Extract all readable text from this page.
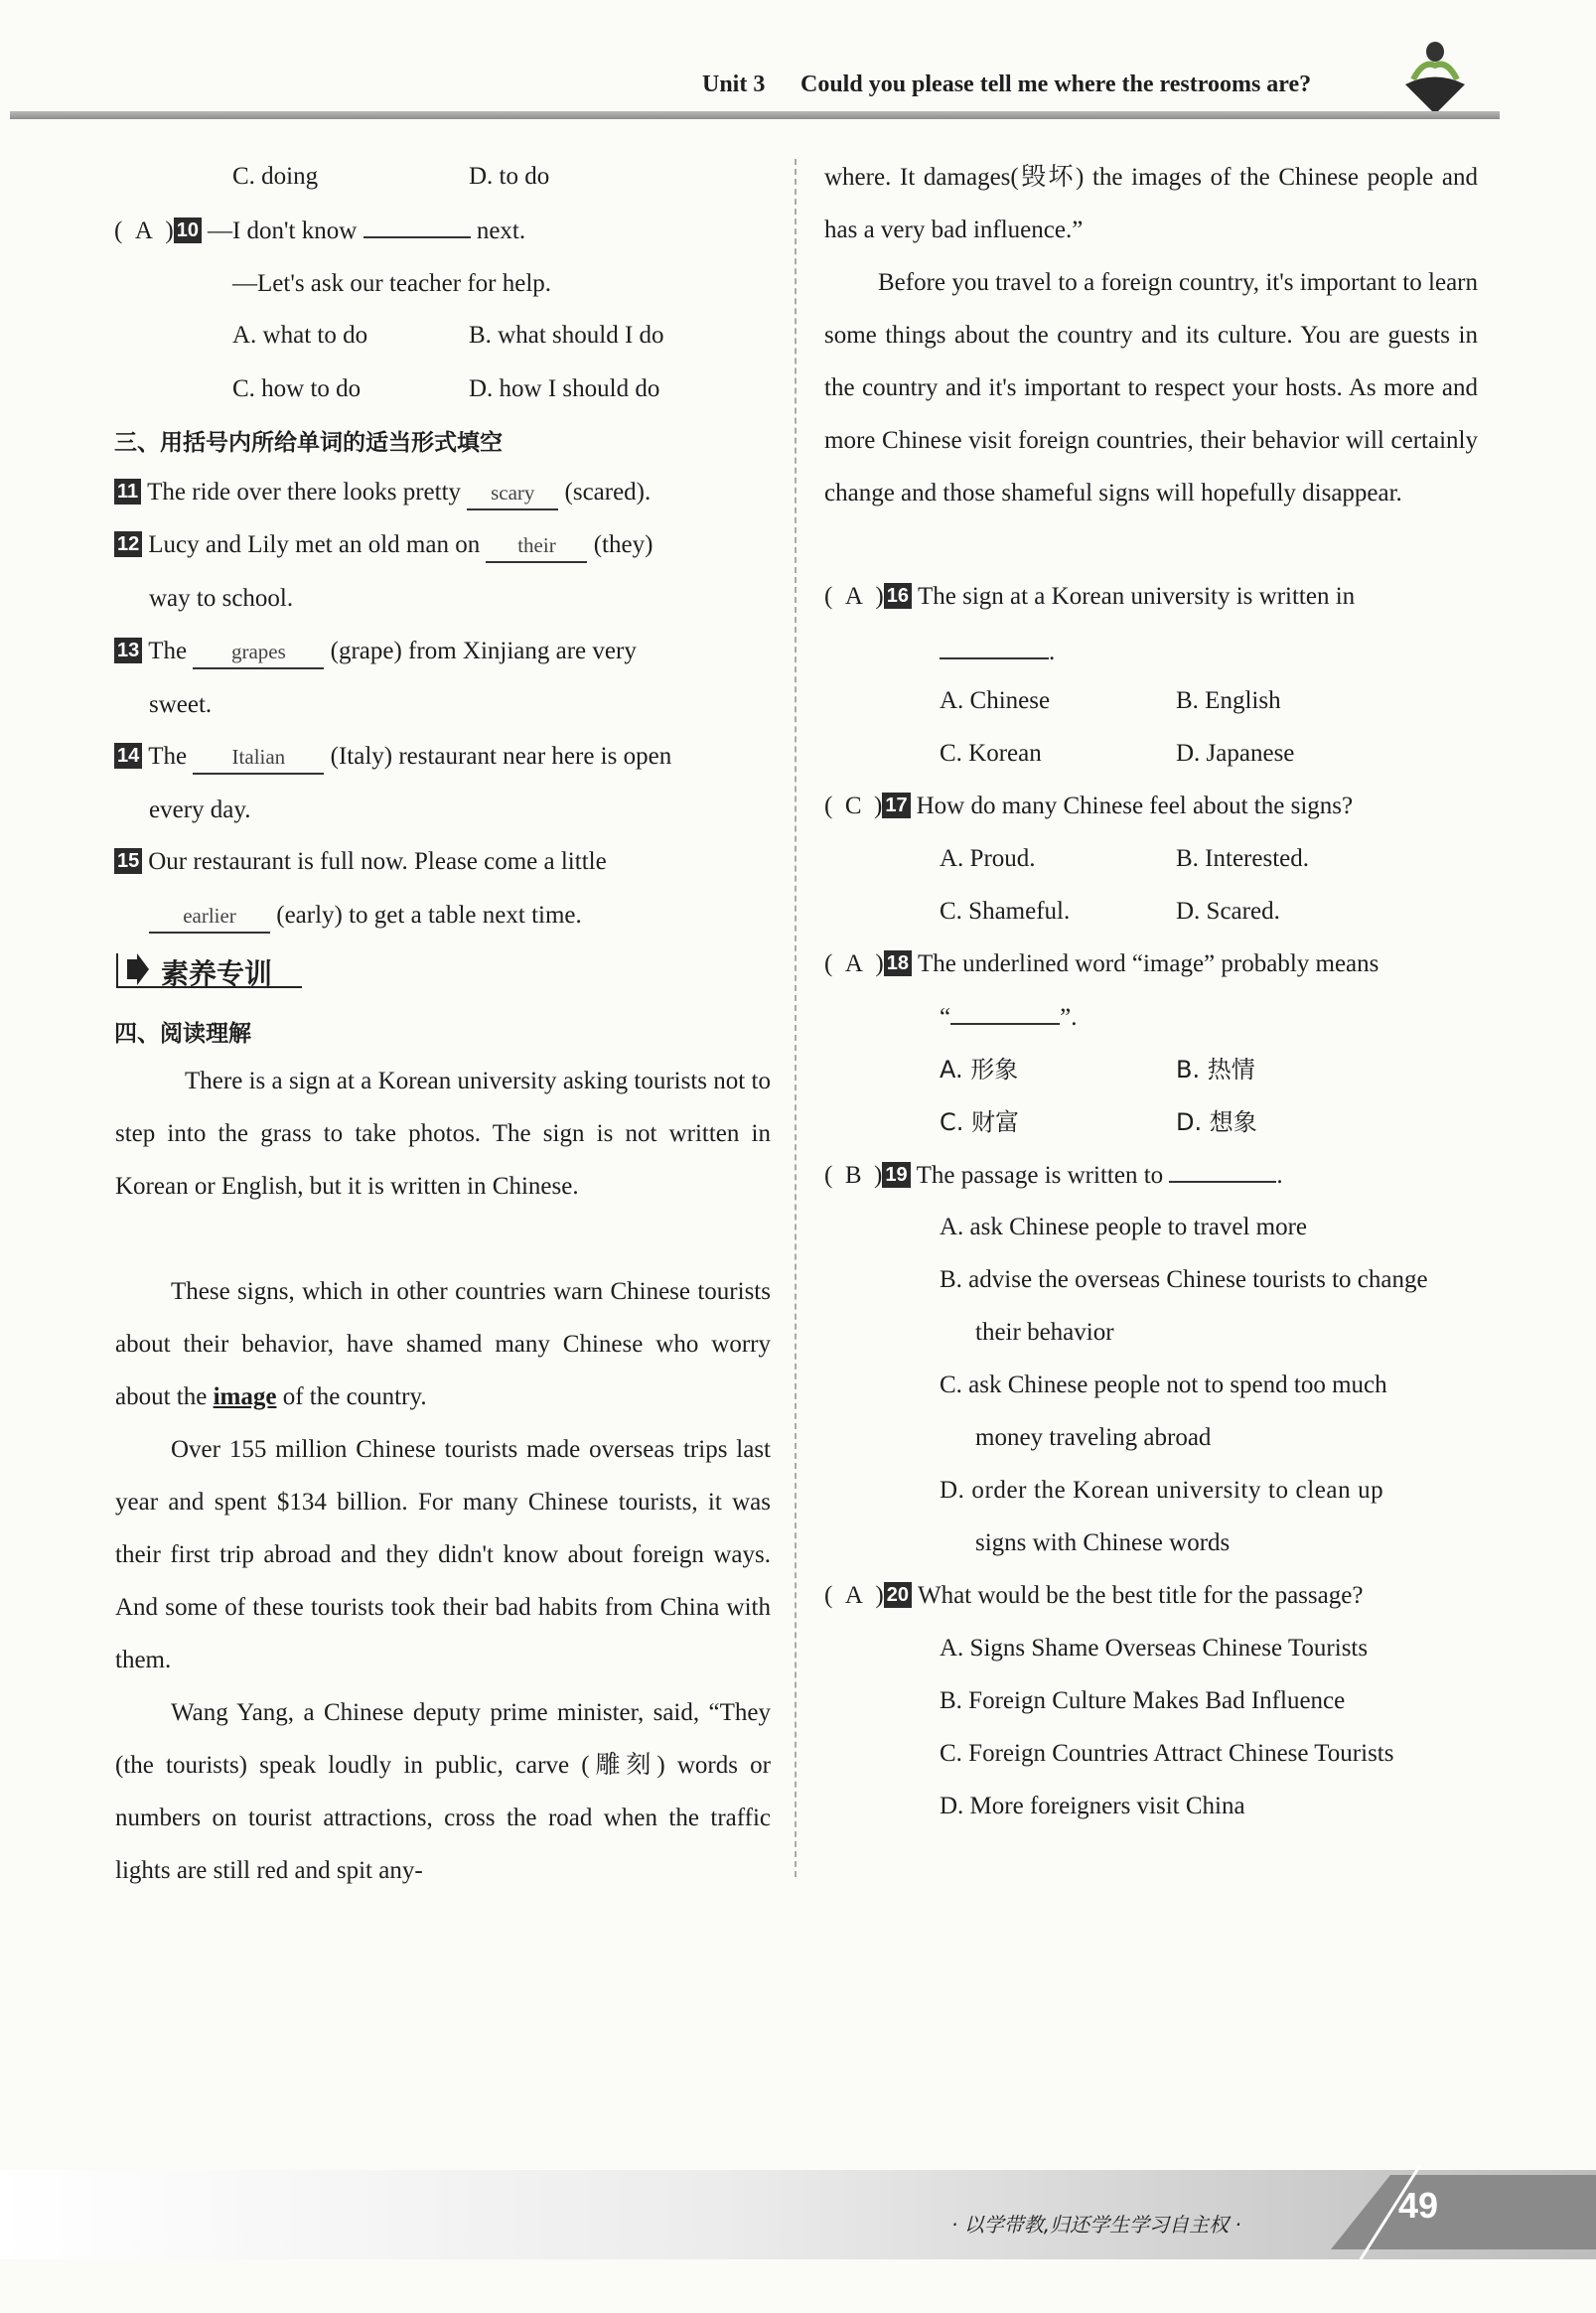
Unit 3 Could you please tell me where the restrooms are?
C. doing	D. to do
( A ) 10 —I don't know	next.
—Let's ask our teacher for help.
A. what to do	B. what should I do
C. how to do	D. how I should do
三、用括号内所给单词的适当形式填空
11 The ride over there looks pretty scary (scared).
12 Lucy and Lily met an old man on their (they)
way to school.
13 The grapes (grape) from Xinjiang are very
sweet.
14 The Italian (Italy) restaurant near here is open
every day.
15 Our restaurant is full now. Please come a little
earlier (early) to get a table next time.
素养专训
四、阅读理解
There is a sign at a Korean university asking tourists not to step into the grass to take photos. The sign is not written in Korean or English, but it is written in Chinese.
These signs, which in other countries warn Chinese tourists about their behavior, have shamed many Chinese who worry about the image of the country.
Over 155 million Chinese tourists made overseas trips last year and spent $134 billion. For many Chinese tourists, it was their first trip abroad and they didn't know about foreign ways. And some of these tourists took their bad habits from China with them.
Wang Yang, a Chinese deputy prime minister, said, “They (the tourists) speak loudly in public, carve (雕刻) words or numbers on tourist attractions, cross the road when the traffic lights are still red and spit any-
where. It damages(毁坏) the images of the Chinese people and has a very bad influence.”
Before you travel to a foreign country, it's important to learn some things about the country and its culture. You are guests in the country and it's important to respect your hosts. As more and more Chinese visit foreign countries, their behavior will certainly change and those shameful signs will hopefully disappear.
( A ) 16 The sign at a Korean university is written in
.
A. Chinese	B. English
C. Korean	D. Japanese
( C ) 17 How do many Chinese feel about the signs?
A. Proud.	B. Interested.
C. Shameful.	D. Scared.
( A ) 18 The underlined word “image” probably means
“	”.
A. 形象	B. 热情
C. 财富	D. 想象
( B ) 19 The passage is written to	.
A. ask Chinese people to travel more
B. advise the overseas Chinese tourists to change
their behavior
C. ask Chinese people not to spend too much
money traveling abroad
D. order the Korean university to clean up
signs with Chinese words
( A ) 20 What would be the best title for the passage?
A. Signs Shame Overseas Chinese Tourists
B. Foreign Culture Makes Bad Influence
C. Foreign Countries Attract Chinese Tourists
D. More foreigners visit China
· 以学带教,归还学生学习自主权 ·	49
